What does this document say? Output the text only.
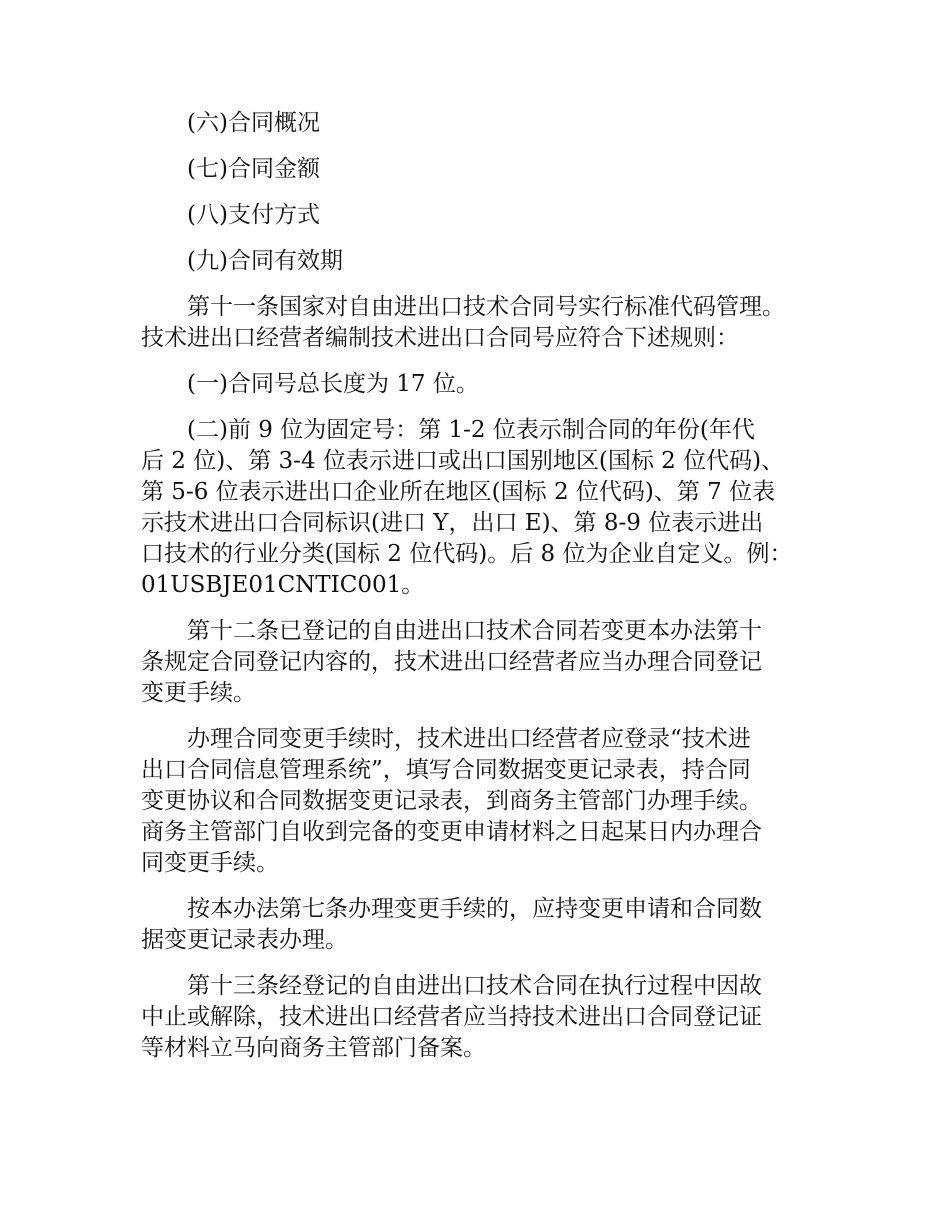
(六)合同概况

(七)合同金额

(八)支付方式

(九)合同有效期

第十一条国家对自由进出口技术合同号实行标准代码管理。
技术进出口经营者编制技术进出口合同号应符合下述规则：

(一)合同号总长度为 17 位。

(二)前 9 位为固定号：第 1-2 位表示制合同的年份(年代
后 2 位)、第 3-4 位表示进口或出口国别地区(国标 2 位代码)、
第 5-6 位表示进出口企业所在地区(国标 2 位代码)、第 7 位表
示技术进出口合同标识(进口 Y，出口 E)、第 8-9 位表示进出
口技术的行业分类(国标 2 位代码)。后 8 位为企业自定义。例：
01USBJE01CNTIC001。

第十二条已登记的自由进出口技术合同若变更本办法第十
条规定合同登记内容的，技术进出口经营者应当办理合同登记
变更手续。

办理合同变更手续时，技术进出口经营者应登录“技术进
出口合同信息管理系统”，填写合同数据变更记录表，持合同
变更协议和合同数据变更记录表，到商务主管部门办理手续。
商务主管部门自收到完备的变更申请材料之日起某日内办理合
同变更手续。

按本办法第七条办理变更手续的，应持变更申请和合同数
据变更记录表办理。

第十三条经登记的自由进出口技术合同在执行过程中因故
中止或解除，技术进出口经营者应当持技术进出口合同登记证
等材料立马向商务主管部门备案。
